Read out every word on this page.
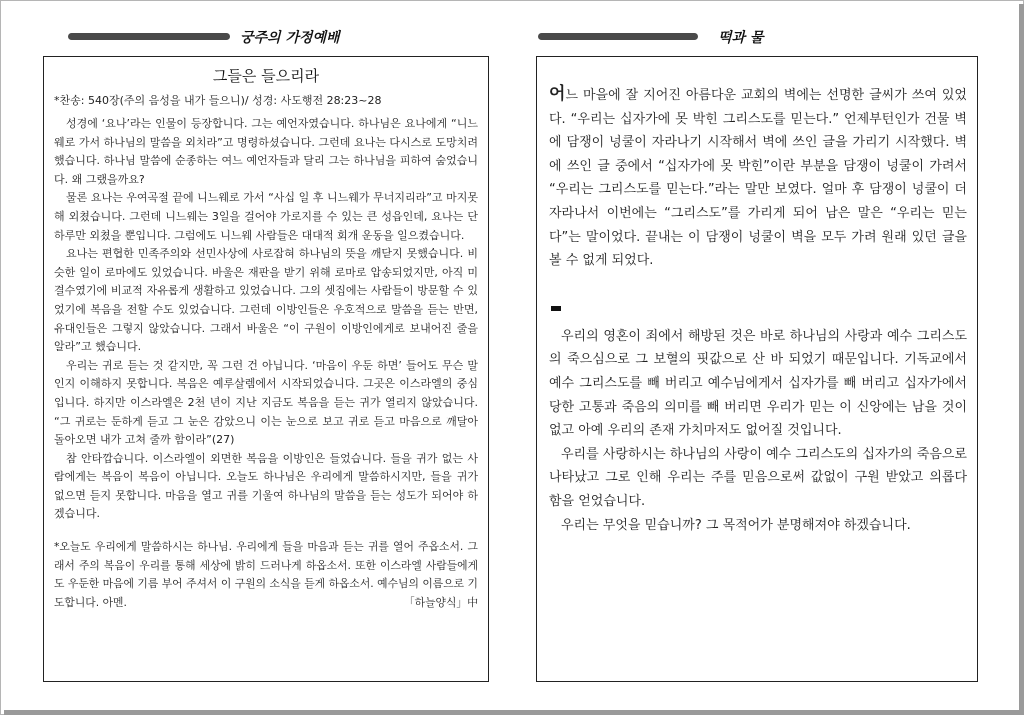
궁주의 가정예배	떡과 물
그들은 들으리라
*찬송: 540장(주의 음성을 내가 들으니)/ 성경: 사도행전 28:23~28

성경에 ‘요나’라는 인물이 등장합니다. 그는 예언자였습니다. 하나님은 요나에게 “니느웨로 가서 하나님의 말씀을 외치라”고 명령하셨습니다. 그런데 요나는 다시스로 도망치려 했습니다. 하나님 말씀에 순종하는 여느 예언자들과 달리 그는 하나님을 피하여 숨었습니다. 왜 그랬을까요?

물론 요나는 우여곡절 끝에 니느웨로 가서 “사십 일 후 니느웨가 무너지리라”고 마지못해 외쳤습니다. 그런데 니느웨는 3일을 걸어야 가로지를 수 있는 큰 성읍인데, 요나는 단 하루만 외쳤을 뿐입니다. 그럼에도 니느웨 사람들은 대대적 회개 운동을 일으켰습니다.

요나는 편협한 민족주의와 선민사상에 사로잡혀 하나님의 뜻을 깨닫지 못했습니다. 비슷한 일이 로마에도 있었습니다. 바울은 재판을 받기 위해 로마로 압송되었지만, 아직 미결수였기에 비교적 자유롭게 생활하고 있었습니다. 그의 셋집에는 사람들이 방문할 수 있었기에 복음을 전할 수도 있었습니다. 그런데 이방인들은 우호적으로 말씀을 듣는 반면, 유대인들은 그렇지 않았습니다. 그래서 바울은 “이 구원이 이방인에게로 보내어진 줄을 알라”고 했습니다.

우리는 귀로 듣는 것 같지만, 꼭 그런 건 아닙니다. ‘마음이 우둔 하면’ 들어도 무슨 말인지 이해하지 못합니다. 복음은 예루살렘에서 시작되었습니다. 그곳은 이스라엘의 중심입니다. 하지만 이스라엘은 2천 년이 지난 지금도 복음을 듣는 귀가 열리지 않았습니다. “그 귀로는 둔하게 듣고 그 눈은 감았으니 이는 눈으로 보고 귀로 듣고 마음으로 깨달아 돌아오면 내가 고쳐 줄까 함이라”(27)

참 안타깝습니다. 이스라엘이 외면한 복음을 이방인은 들었습니다. 들을 귀가 없는 사람에게는 복음이 복음이 아닙니다. 오늘도 하나님은 우리에게 말씀하시지만, 들을 귀가 없으면 듣지 못합니다. 마음을 열고 귀를 기울여 하나님의 말씀을 듣는 성도가 되어야 하겠습니다.

*오늘도 우리에게 말씀하시는 하나님. 우리에게 들을 마음과 듣는 귀를 열어 주옵소서. 그래서 주의 복음이 우리를 통해 세상에 밝히 드러나게 하옵소서. 또한 이스라엘 사람들에게도 우둔한 마음에 기름 부어 주셔서 이 구원의 소식을 듣게 하옵소서. 예수님의 이름으로 기도합니다. 아멘.	「하늘양식」中

어느 마을에 잘 지어진 아름다운 교회의 벽에는 선명한 글씨가 쓰여 있었다. “우리는 십자가에 못 박힌 그리스도를 믿는다.” 언제부턴인가 건물 벽에 담쟁이 넝쿨이 자라나기 시작해서 벽에 쓰인 글을 가리기 시작했다. 벽에 쓰인 글 중에서 “십자가에 못 박힌”이란 부분을 담쟁이 넝쿨이 가려서 “우리는 그리스도를 믿는다.”라는 말만 보였다. 얼마 후 담쟁이 넝쿨이 더 자라나서 이번에는 “그리스도”를 가리게 되어 남은 말은 “우리는 믿는다”는 말이었다. 끝내는 이 담쟁이 넝쿨이 벽을 모두 가려 원래 있던 글을 볼 수 없게 되었다.

우리의 영혼이 죄에서 해방된 것은 바로 하나님의 사랑과 예수 그리스도의 죽으심으로 그 보혈의 핏값으로 산 바 되었기 때문입니다. 기독교에서 예수 그리스도를 빼 버리고 예수님에게서 십자가를 빼 버리고 십자가에서 당한 고통과 죽음의 의미를 빼 버리면 우리가 믿는 이 신앙에는 남을 것이 없고 아예 우리의 존재 가치마저도 없어질 것입니다.

우리를 사랑하시는 하나님의 사랑이 예수 그리스도의 십자가의 죽음으로 나타났고 그로 인해 우리는 주를 믿음으로써 값없이 구원 받았고 의롭다 함을 얻었습니다.

우리는 무엇을 믿습니까? 그 목적어가 분명해져야 하겠습니다.
